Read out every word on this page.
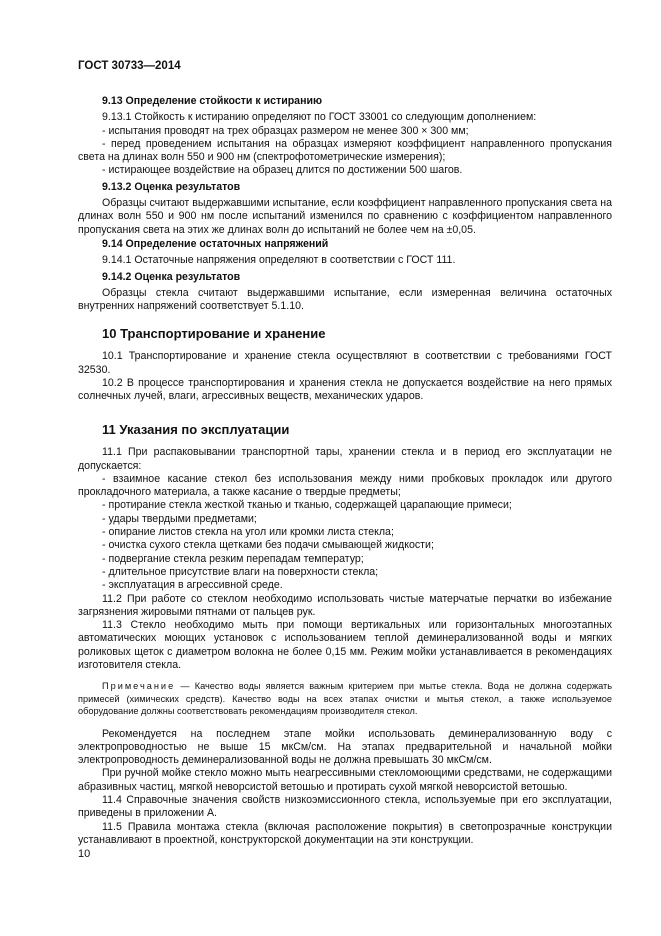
ГОСТ 30733—2014

9.13 Определение стойкости к истиранию

9.13.1 Стойкость к истиранию определяют по ГОСТ 33001 со следующим дополнением:

- испытания проводят на трех образцах размером не менее 300 × 300 мм;

- перед проведением испытания на образцах измеряют коэффициент направленного пропускания света на длинах волн 550 и 900 нм (спектрофотометрические измерения);

- истирающее воздействие на образец длится по достижении 500 шагов.

9.13.2 Оценка результатов

Образцы считают выдержавшими испытание, если коэффициент направленного пропускания света на длинах волн 550 и 900 нм после испытаний изменился по сравнению с коэффициентом направленного пропускания света на этих же длинах волн до испытаний не более чем на ±0,05.

9.14 Определение остаточных напряжений

9.14.1 Остаточные напряжения определяют в соответствии с ГОСТ 111.

9.14.2 Оценка результатов

Образцы стекла считают выдержавшими испытание, если измеренная величина остаточных внутренних напряжений соответствует 5.1.10.

10 Транспортирование и хранение

10.1 Транспортирование и хранение стекла осуществляют в соответствии с требованиями ГОСТ 32530.

10.2 В процессе транспортирования и хранения стекла не допускается воздействие на него прямых солнечных лучей, влаги, агрессивных веществ, механических ударов.

11 Указания по эксплуатации

11.1 При распаковывании транспортной тары, хранении стекла и в период его эксплуатации не допускается:

- взаимное касание стекол без использования между ними пробковых прокладок или другого прокладочного материала, а также касание о твердые предметы;

- протирание стекла жесткой тканью и тканью, содержащей царапающие примеси;

- удары твердыми предметами;

- опирание листов стекла на угол или кромки листа стекла;

- очистка сухого стекла щетками без подачи смывающей жидкости;

- подвергание стекла резким перепадам температур;

- длительное присутствие влаги на поверхности стекла;

- эксплуатация в агрессивной среде.

11.2 При работе со стеклом необходимо использовать чистые матерчатые перчатки во избежание загрязнения жировыми пятнами от пальцев рук.

11.3 Стекло необходимо мыть при помощи вертикальных или горизонтальных многоэтапных автоматических моющих установок с использованием теплой деминерализованной воды и мягких роликовых щеток с диаметром волокна не более 0,15 мм. Режим мойки устанавливается в рекомендациях изготовителя стекла.

Примечание — Качество воды является важным критерием при мытье стекла. Вода не должна содержать примесей (химических средств). Качество воды на всех этапах очистки и мытья стекол, а также используемое оборудование должны соответствовать рекомендациям производителя стекол.

Рекомендуется на последнем этапе мойки использовать деминерализованную воду с электропроводностью не выше 15 мкСм/см. На этапах предварительной и начальной мойки электропроводность деминерализованной воды не должна превышать 30 мкСм/см.

При ручной мойке стекло можно мыть неагрессивными стекломоющими средствами, не содержащими абразивных частиц, мягкой неворсистой ветошью и протирать сухой мягкой неворсистой ветошью.

11.4 Справочные значения свойств низкоэмиссионного стекла, используемые при его эксплуатации, приведены в приложении А.

11.5 Правила монтажа стекла (включая расположение покрытия) в светопрозрачные конструкции устанавливают в проектной, конструкторской документации на эти конструкции.

10
